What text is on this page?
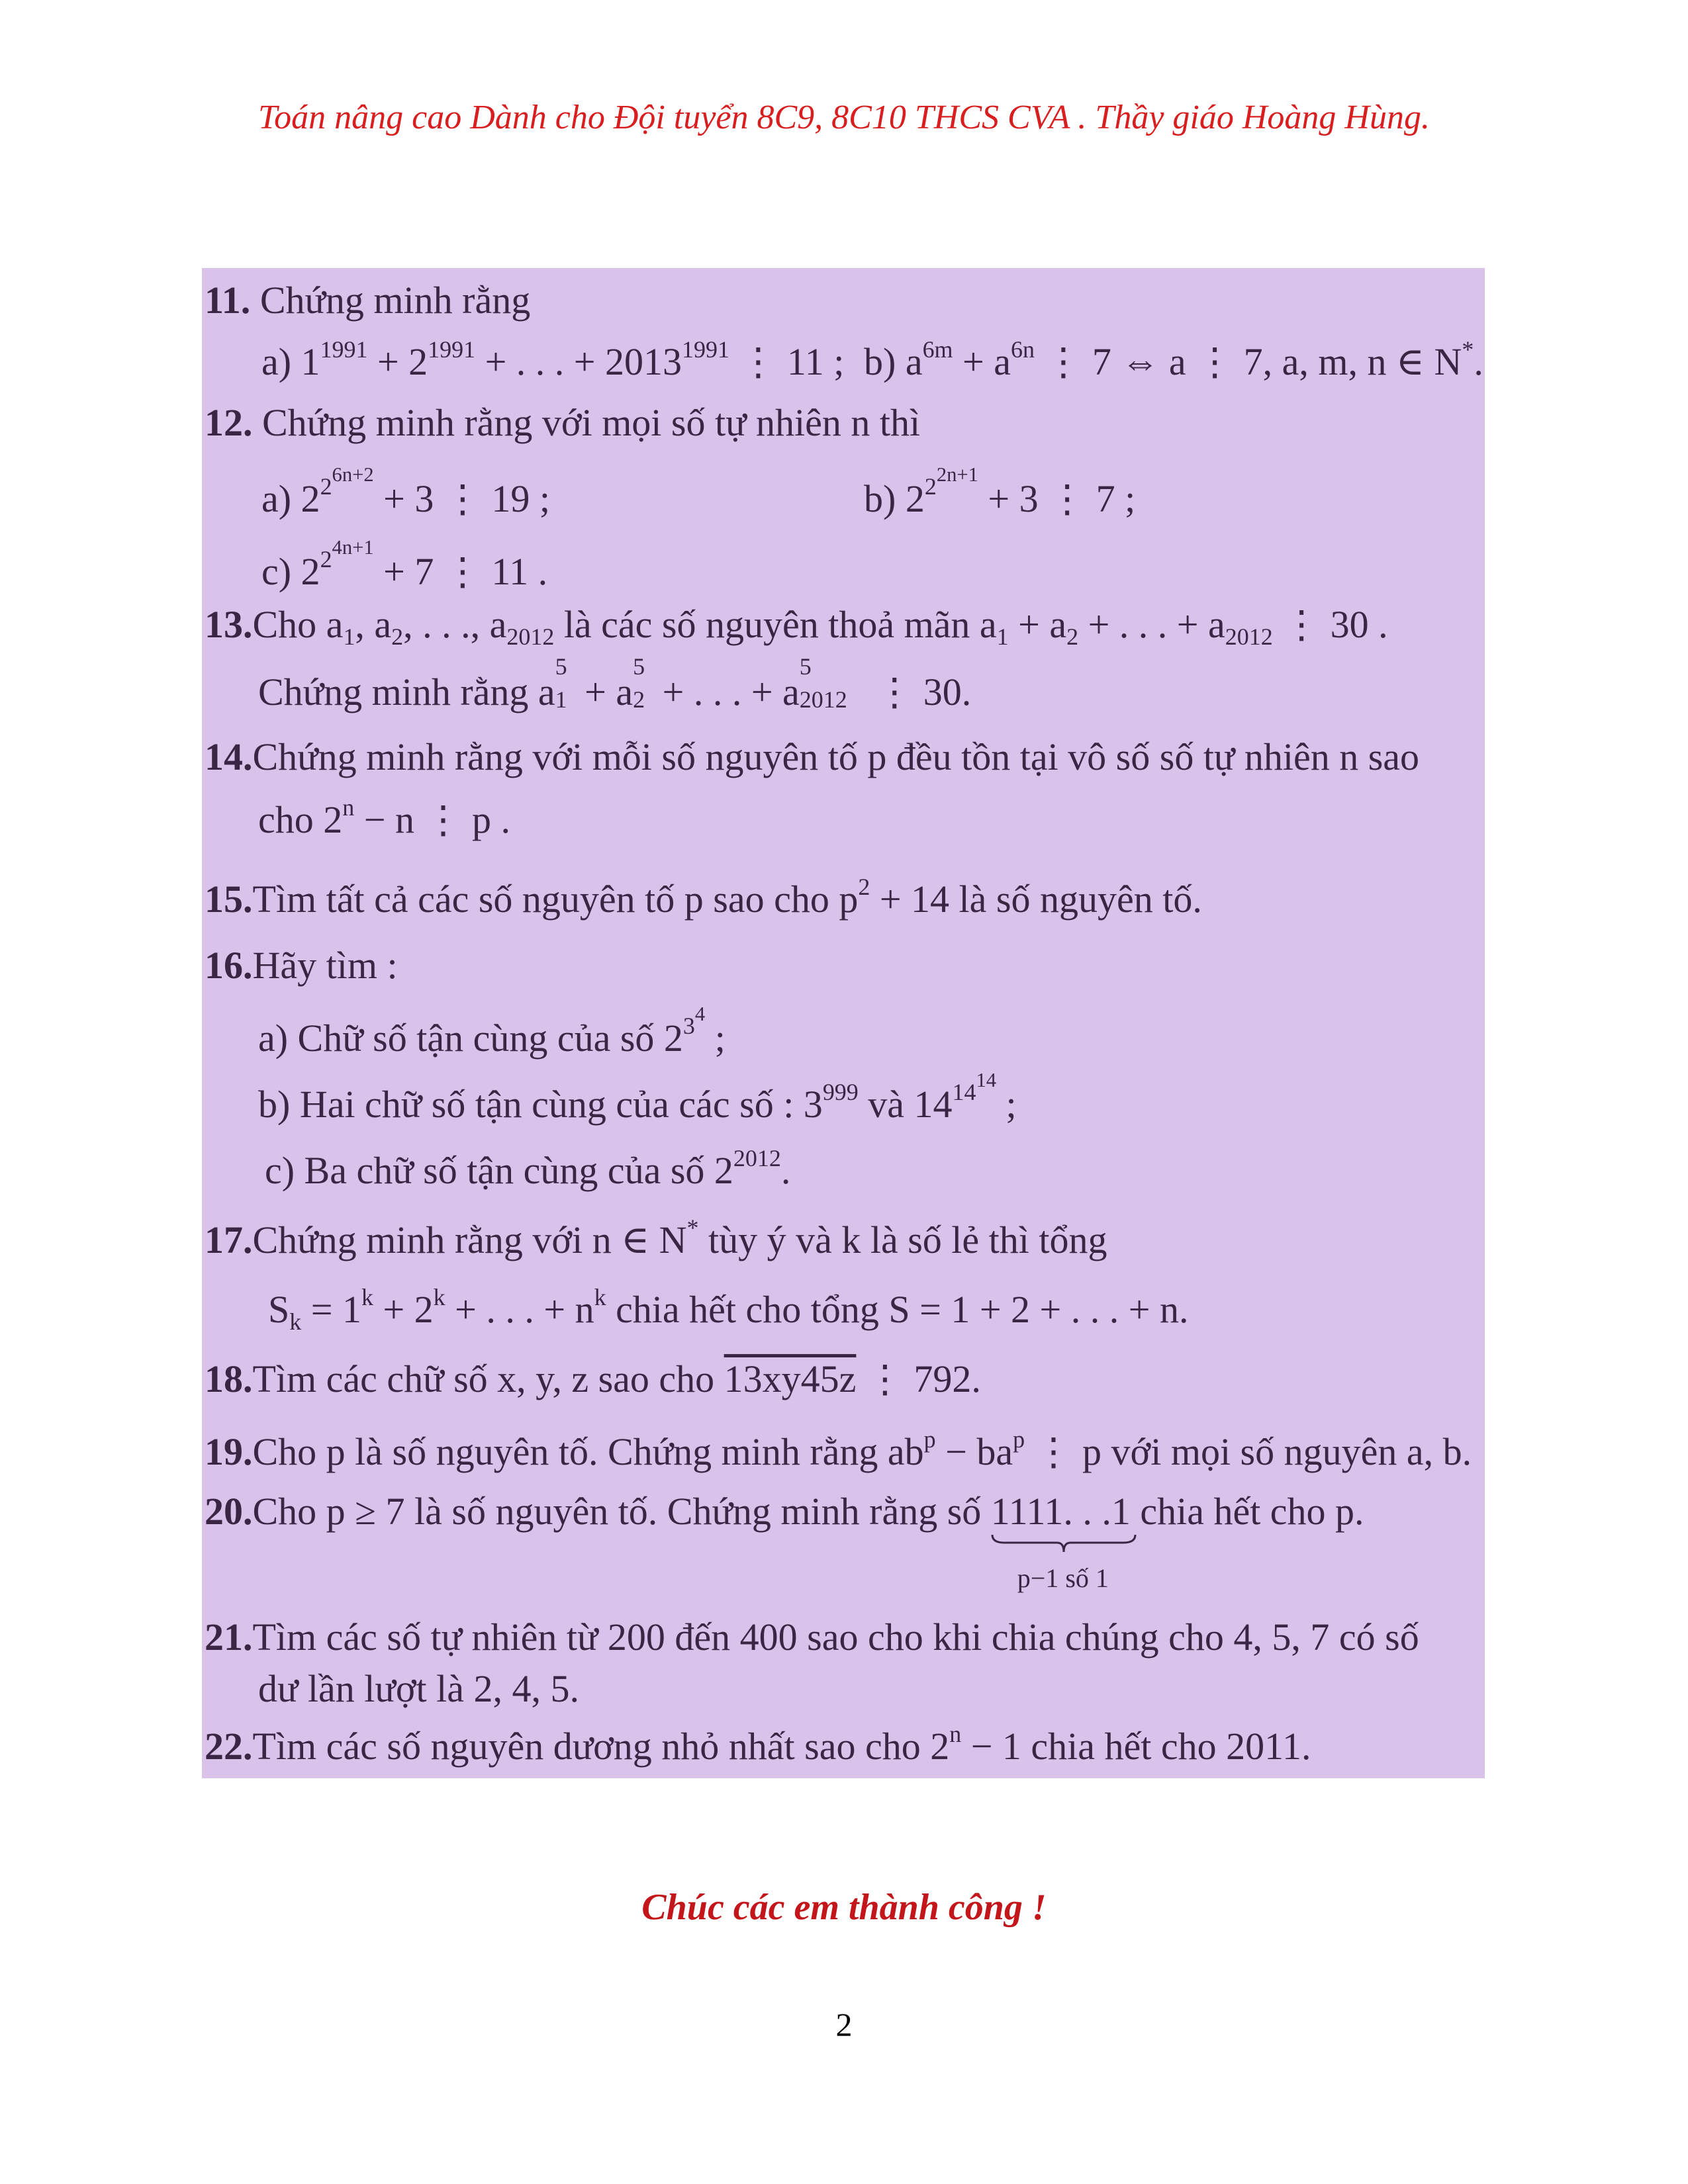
Toán nâng cao Dành cho Đội tuyển 8C9, 8C10 THCS CVA . Thầy giáo Hoàng Hùng.
11. Chứng minh rằng
a) $1^{1991} + 2^{1991}$ + . . . + $2013^{1991}$ ⋮ 11 ; b) $a^{6m} + a^{6n}$ ⋮ 7 ⇔ a ⋮ 7, a, m, n ∈ N*.
12. Chứng minh rằng với mọi số tự nhiên n thì
a) $2^{2^{6n+2}} + 3$ ⋮ 19 ;	b) $2^{2^{2n+1}} + 3$ ⋮ 7 ;
c) $2^{2^{4n+1}} + 7$ ⋮ 11 .
13.Cho $a_1$, $a_2$, . . ., $a_{2012}$ là các số nguyên thoả mãn $a_1 + a_2$ + . . . + $a_{2012}$ ⋮ 30 .
Chứng minh rằng a
5
1 + a
5
2 + . . . + a
5
2012 ⋮ 30.
14.Chứng minh rằng với mỗi số nguyên tố p đều tồn tại vô số số tự nhiên n sao
cho $2^n - n$ ⋮ p .
15.Tìm tất cả các số nguyên tố p sao cho $p^2 + 14$ là số nguyên tố.
16.Hãy tìm :
a) Chữ số tận cùng của số $2^{3^4}$ ;
b) Hai chữ số tận cùng của các số : $3^{999}$ và $14^{14^{14}}$ ;
c) Ba chữ số tận cùng của số $2^{2012}$.
17.Chứng minh rằng với n ∈ N* tùy ý và k là số lẻ thì tổng
$S_k = 1^k + 2^k$ + . . . + $n^k$ chia hết cho tổng S = 1 + 2 + . . . + n.
18.Tìm các chữ số x, y, z sao cho 13xy45z ⋮ 792.
19.Cho p là số nguyên tố. Chứng minh rằng $ab^p - ba^p$ ⋮ p với mọi số nguyên a, b.
20.Cho p ≥ 7 là số nguyên tố. Chứng minh rằng số 1111. . .1
p−1 số 1
chia hết cho p.
21.Tìm các số tự nhiên từ 200 đến 400 sao cho khi chia chúng cho 4, 5, 7 có số
dư lần lượt là 2, 4, 5.
22.Tìm các số nguyên dương nhỏ nhất sao cho $2^n - 1$ chia hết cho 2011.
Chúc các em thành công !
2
